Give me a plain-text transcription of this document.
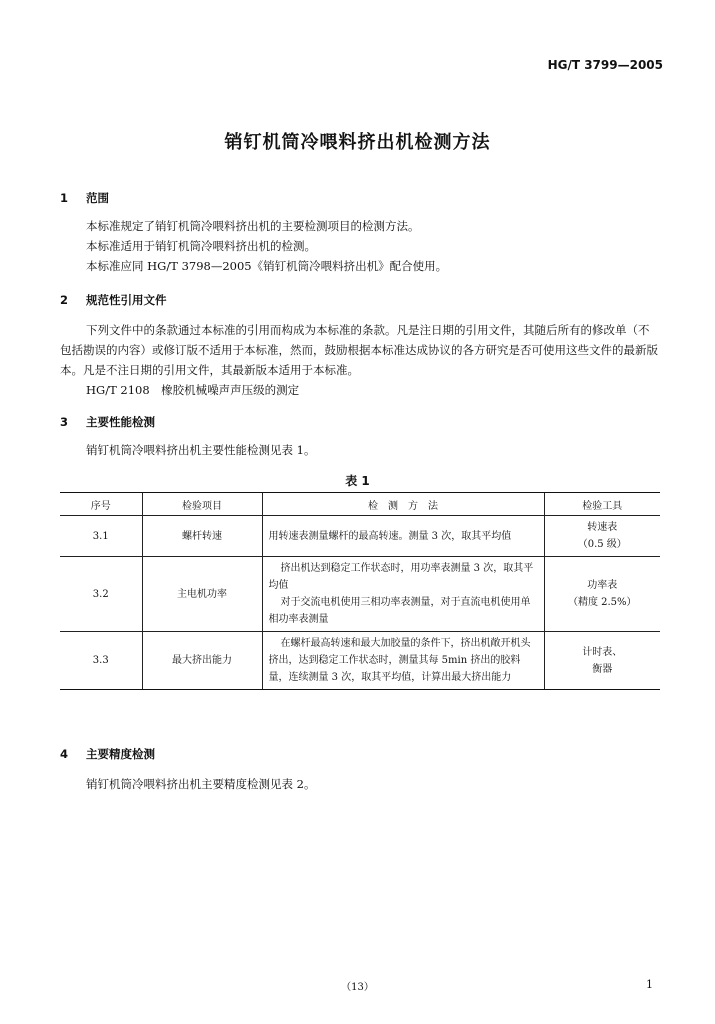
HG/T 3799—2005
销钉机筒冷喂料挤出机检测方法
1 范围

本标准规定了销钉机筒冷喂料挤出机的主要检测项目的检测方法。

本标准适用于销钉机筒冷喂料挤出机的检测。

本标准应同 HG/T 3798—2005《销钉机筒冷喂料挤出机》配合使用。

2 规范性引用文件

下列文件中的条款通过本标准的引用而构成为本标准的条款。凡是注日期的引用文件，其随后所有的修改单（不包括勘误的内容）或修订版不适用于本标准，然而，鼓励根据本标准达成协议的各方研究是否可使用这些文件的最新版本。凡是不注日期的引用文件，其最新版本适用于本标准。

HG/T 2108　橡胶机械噪声声压级的测定

3 主要性能检测

销钉机筒冷喂料挤出机主要性能检测见表 1。

表 1
序号	检验项目	检　测　方　法	检验工具
3.1	螺杆转速	用转速表测量螺杆的最高转速。测量 3 次，取其平均值	转速表
（0.5 级）

3.2	主电机功率	挤出机达到稳定工作状态时，用功率表测量 3 次，取其平均值
对于交流电机使用三相功率表测量，对于直流电机使用单相功率表测量	功率表
（精度 2.5%）

3.3	最大挤出能力	在螺杆最高转速和最大加胶量的条件下，挤出机敞开机头挤出，达到稳定工作状态时，测量其每 5min 挤出的胶料量，连续测量 3 次，取其平均值，计算出最大挤出能力	计时表、
衡器
4 主要精度检测

销钉机筒冷喂料挤出机主要精度检测见表 2。

（13）	1
